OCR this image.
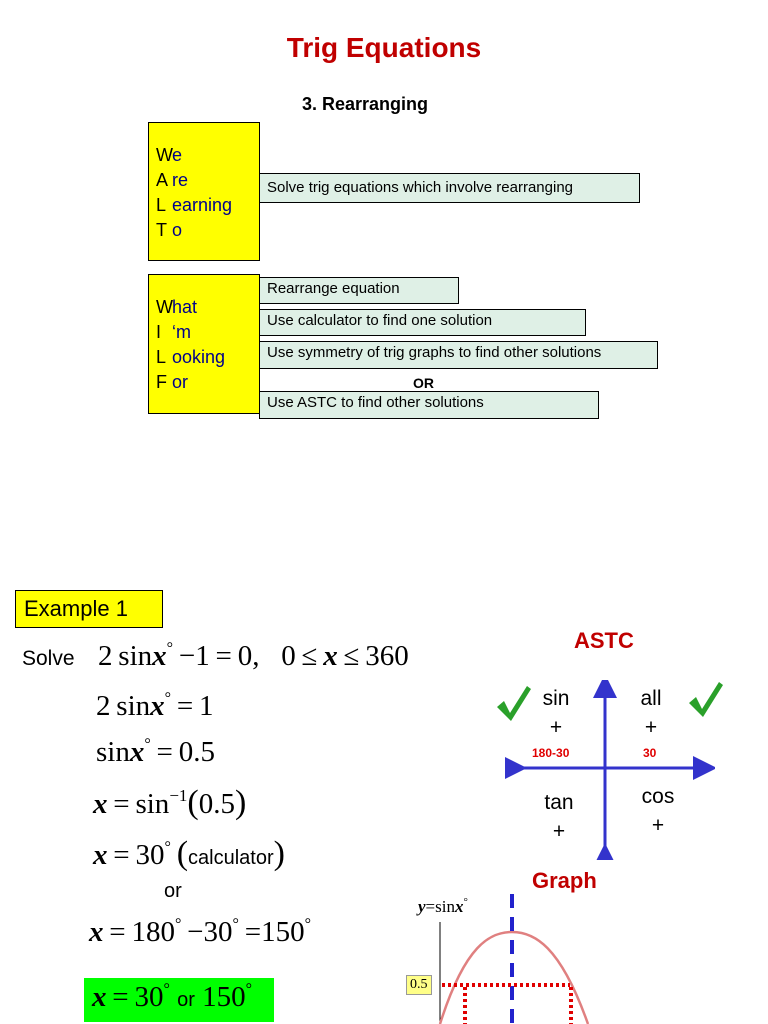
Trig Equations
3. Rearranging
We
A re
L earning
T o
Solve trig equations which involve rearranging
What
I ‘m
L ooking
F or
Rearrange equation
Use calculator to find one solution
Use symmetry of trig graphs to find other solutions
OR
Use ASTC to find other solutions
Example 1
Solve 2 sinx° −1 = 0,   0 ≤ x ≤ 360
2 sinx° = 1
sinx° = 0.5
$x = \sin^{-1}(0.5)$
x = 30°  (calculator)
or
x = 180° −30° =150°
x = 30° or 150°
ASTC
sin
+
180-30
all
+
30
tan
+
cos
+
Graph
y=sinx°
0.5
